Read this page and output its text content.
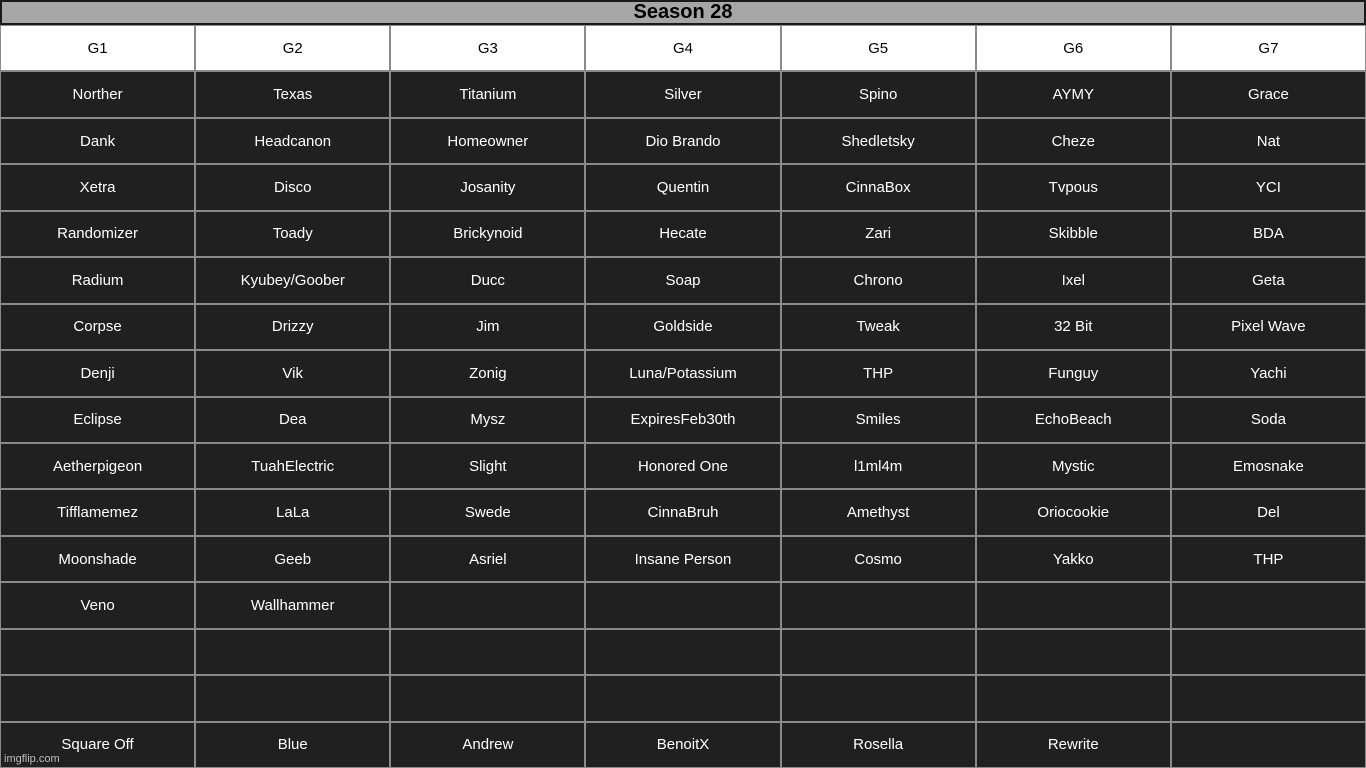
Season 28
G1	G2	G3	G4	G5	G6	G7
Norther	Texas	Titanium	Silver	Spino	AYMY	Grace
Dank	Headcanon	Homeowner	Dio Brando	Shedletsky	Cheze	Nat
Xetra	Disco	Josanity	Quentin	CinnaBox	Tvpous	YCI
Randomizer	Toady	Brickynoid	Hecate	Zari	Skibble	BDA
Radium	Kyubey/Goober	Ducc	Soap	Chrono	Ixel	Geta
Corpse	Drizzy	Jim	Goldside	Tweak	32 Bit	Pixel Wave
Denji	Vik	Zonig	Luna/Potassium	THP	Funguy	Yachi
Eclipse	Dea	Mysz	ExpiresFeb30th	Smiles	EchoBeach	Soda
Aetherpigeon	TuahElectric	Slight	Honored One	l1ml4m	Mystic	Emosnake
Tifflamemez	LaLa	Swede	CinnaBruh	Amethyst	Oriocookie	Del
Moonshade	Geeb	Asriel	Insane Person	Cosmo	Yakko	THP
Veno	Wallhammer
Square Off	Blue	Andrew	BenoitX	Rosella	Rewrite
imgflip.com
